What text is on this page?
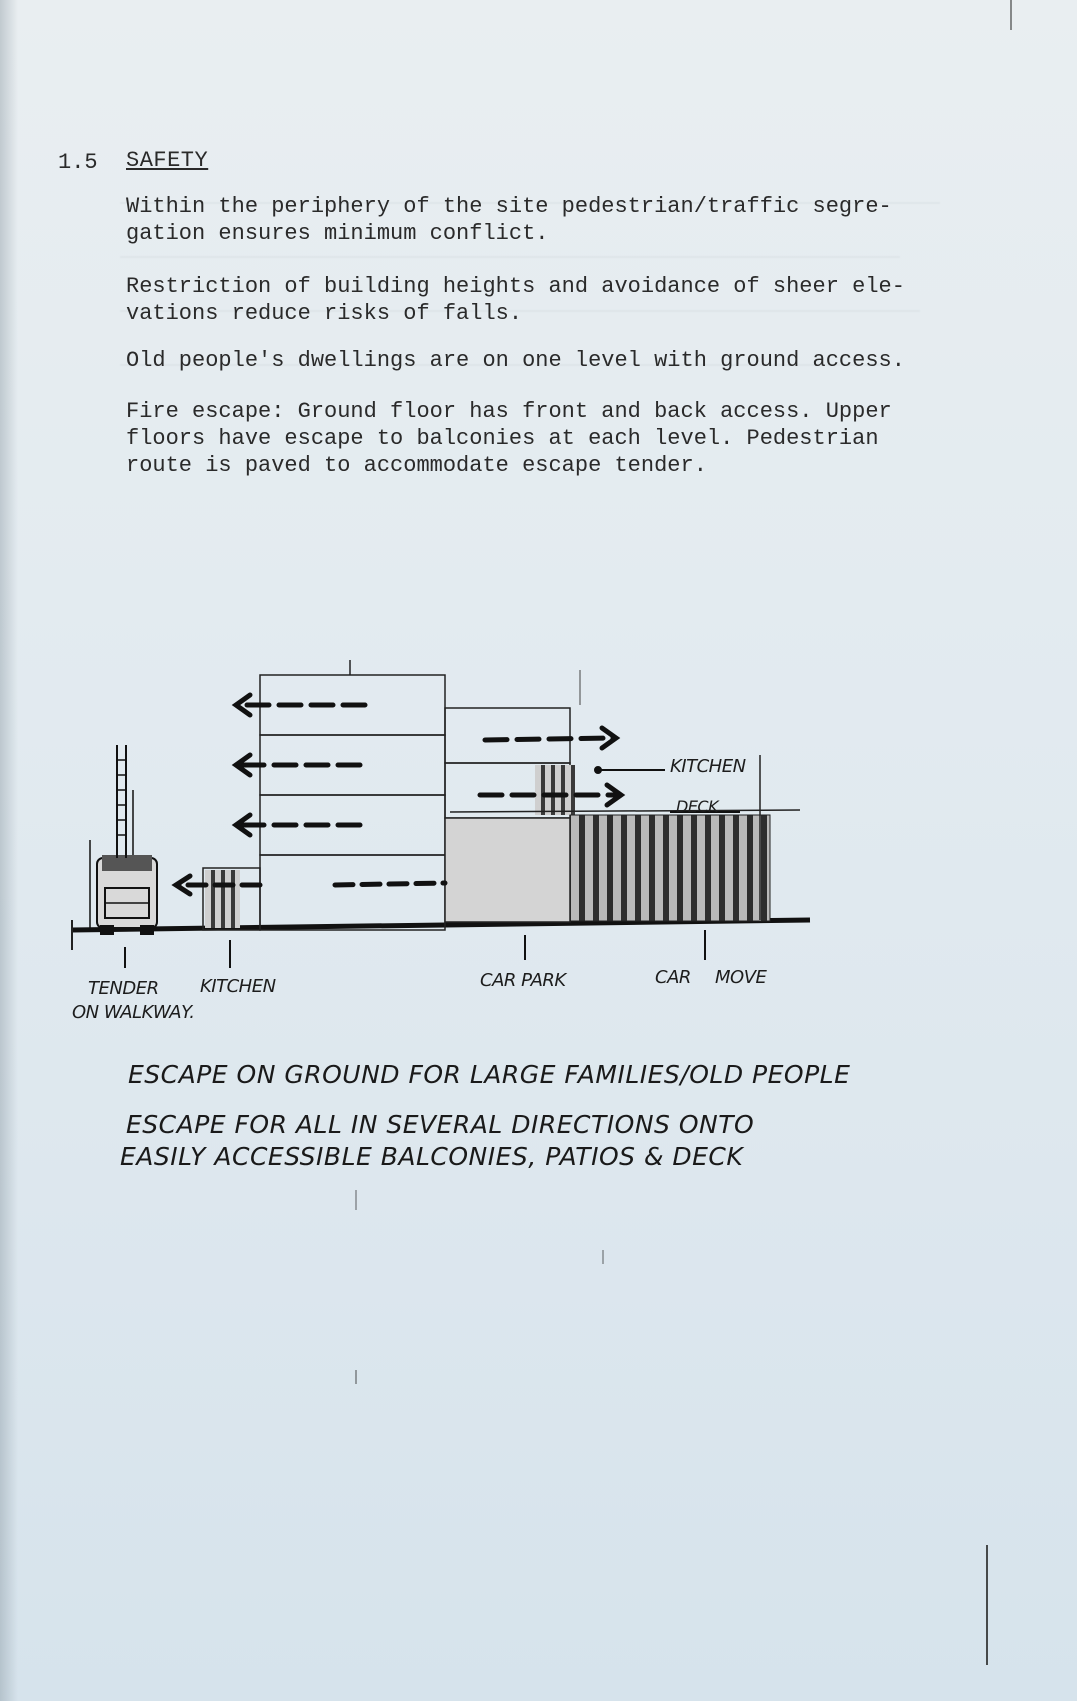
1.5 SAFETY

Within the periphery of the site pedestrian/traffic segre-
gation ensures minimum conflict.

Restriction of building heights and avoidance of sheer ele-
vations reduce risks of falls.

Old people's dwellings are on one level with ground access.

Fire escape: Ground floor has front and back access. Upper
floors have escape to balconies at each level. Pedestrian
route is paved to accommodate escape tender.

KITCHEN
DECK
TENDER
ON WALKWAY.
KITCHEN	CAR PARK	CAR MOVE
ESCAPE ON GROUND FOR LARGE FAMILIES/OLD PEOPLE
ESCAPE FOR ALL IN SEVERAL DIRECTIONS ONTO
EASILY ACCESSIBLE BALCONIES, PATIOS & DECK
